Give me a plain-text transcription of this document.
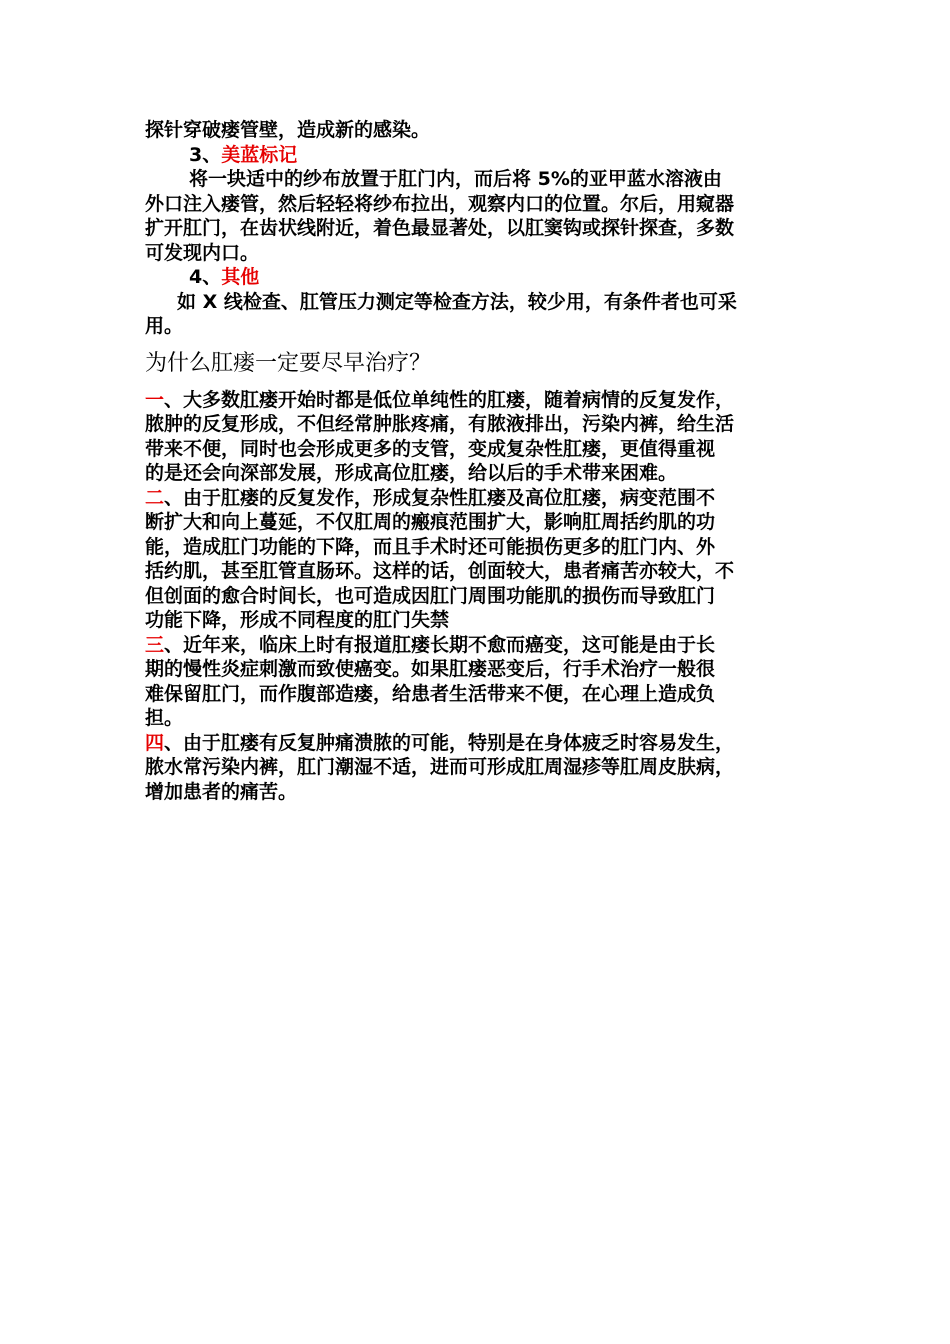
探针穿破瘘管壁，造成新的感染。

3、美蓝标记

将一块适中的纱布放置于肛门内，而后将 5%的亚甲蓝水溶液由

外口注入瘘管，然后轻轻将纱布拉出，观察内口的位置。尔后，用窥器

扩开肛门，在齿状线附近，着色最显著处，以肛窦钩或探针探查，多数

可发现内口。

4、其他

如 X 线检查、肛管压力测定等检查方法，较少用，有条件者也可采

用。

为什么肛瘘一定要尽早治疗？

一、大多数肛瘘开始时都是低位单纯性的肛瘘，随着病情的反复发作，

脓肿的反复形成，不但经常肿胀疼痛，有脓液排出，污染内裤，给生活

带来不便，同时也会形成更多的支管，变成复杂性肛瘘，更值得重视

的是还会向深部发展，形成高位肛瘘，给以后的手术带来困难。

二、由于肛瘘的反复发作，形成复杂性肛瘘及高位肛瘘，病变范围不

断扩大和向上蔓延，不仅肛周的瘢痕范围扩大，影响肛周括约肌的功

能，造成肛门功能的下降，而且手术时还可能损伤更多的肛门内、外

括约肌，甚至肛管直肠环。这样的话，创面较大，患者痛苦亦较大，不

但创面的愈合时间长，也可造成因肛门周围功能肌的损伤而导致肛门

功能下降，形成不同程度的肛门失禁

三、近年来，临床上时有报道肛瘘长期不愈而癌变，这可能是由于长

期的慢性炎症刺激而致使癌变。如果肛瘘恶变后，行手术治疗一般很

难保留肛门，而作腹部造瘘，给患者生活带来不便，在心理上造成负

担。

四、由于肛瘘有反复肿痛溃脓的可能，特别是在身体疲乏时容易发生，

脓水常污染内裤，肛门潮湿不适，进而可形成肛周湿疹等肛周皮肤病，

增加患者的痛苦。
